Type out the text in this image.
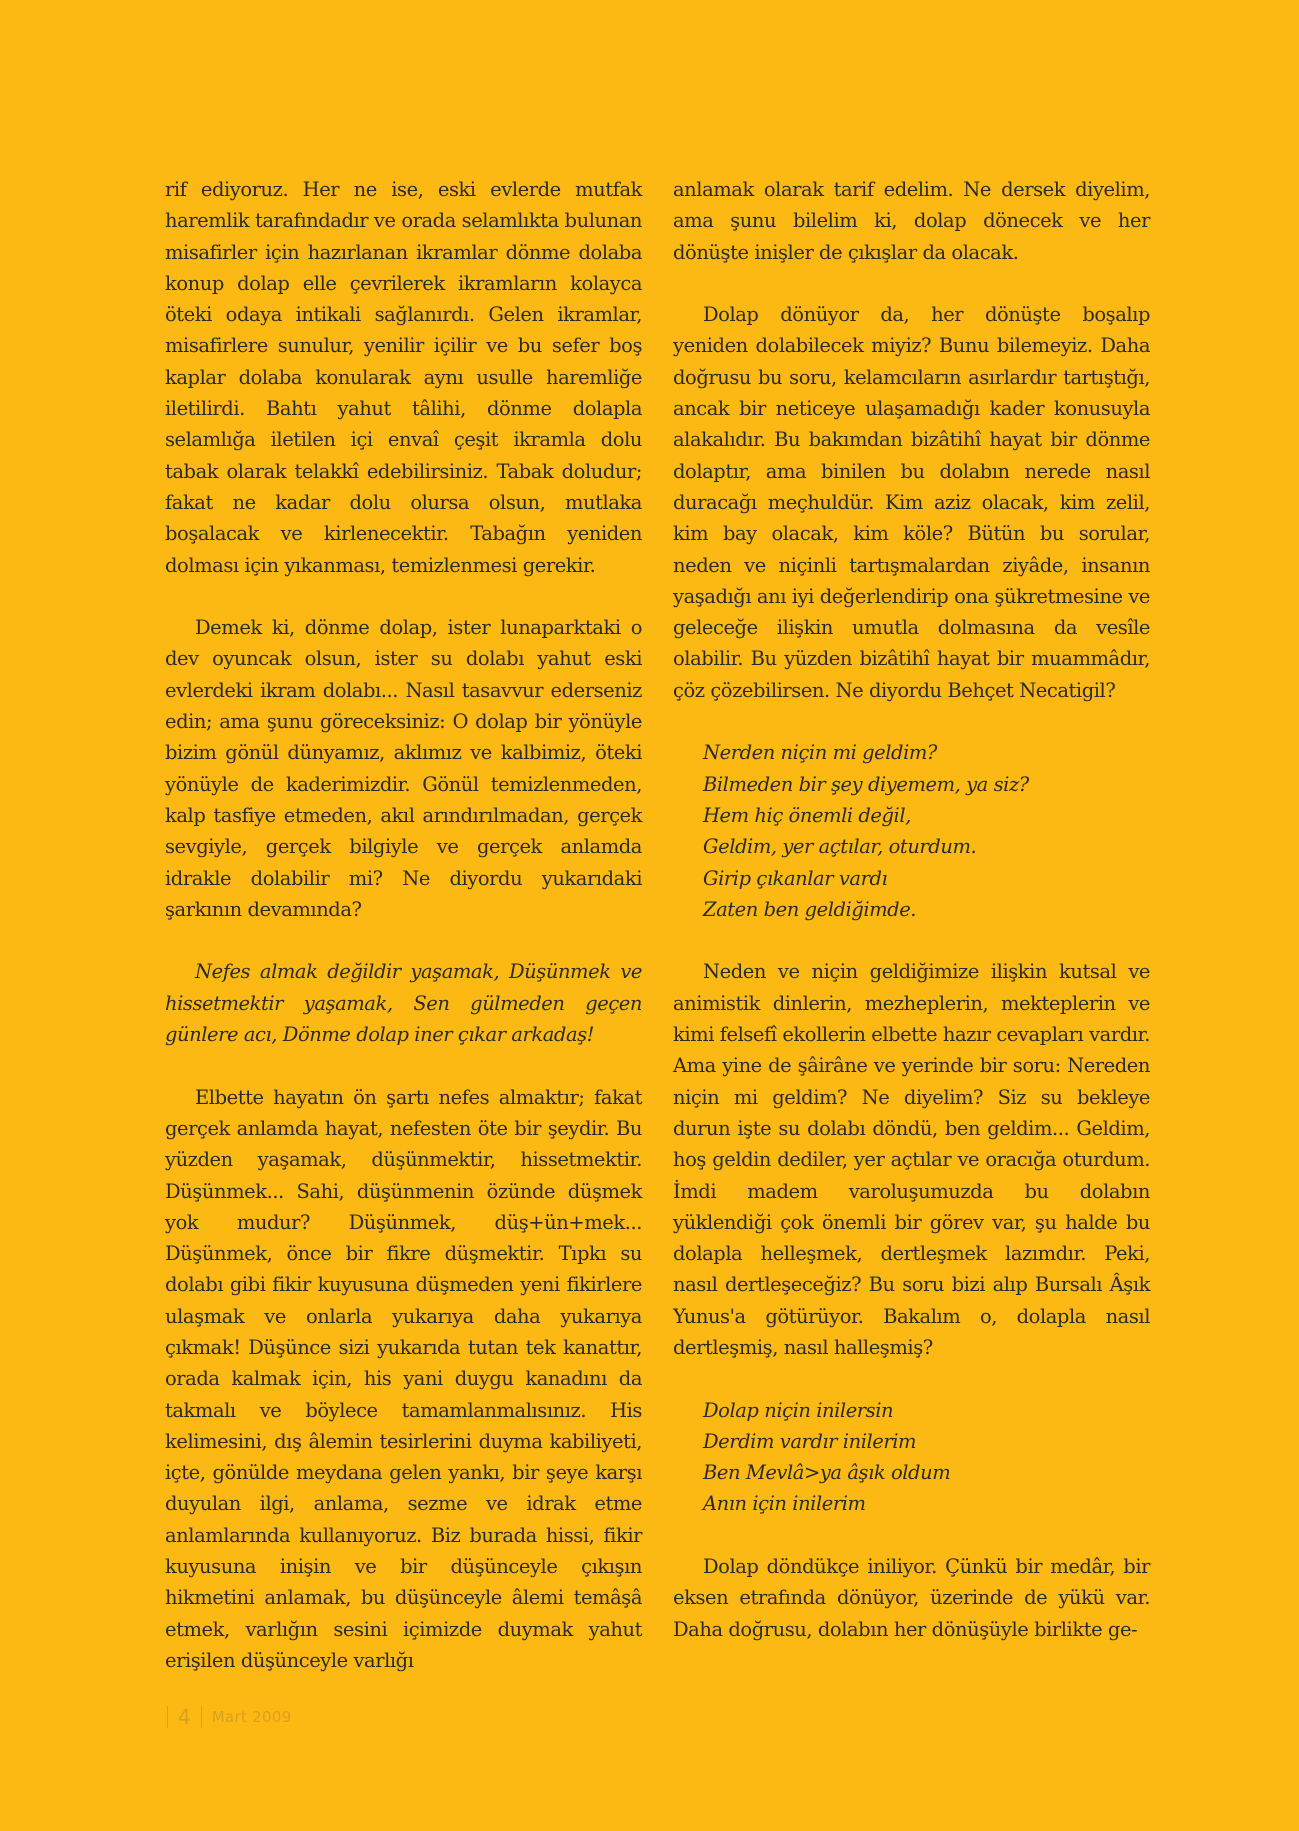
rif ediyoruz. Her ne ise, eski evlerde mutfak haremlik tarafındadır ve orada selamlıkta bulunan misafirler için hazırlanan ikramlar dönme dolaba konup dolap elle çevrilerek ikramların kolayca öteki odaya intikali sağlanırdı. Gelen ikramlar, misafirlere sunulur, yenilir içilir ve bu sefer boş kaplar dolaba konularak aynı usulle haremliğe iletilirdi. Bahtı yahut tâlihi, dönme dolapla selamlığa iletilen içi envaî çeşit ikramla dolu tabak olarak telakkî edebilirsiniz. Tabak doludur; fakat ne kadar dolu olursa olsun, mutlaka boşalacak ve kirlenecektir. Tabağın yeniden dolması için yıkanması, temizlenmesi gerekir.

Demek ki, dönme dolap, ister lunaparktaki o dev oyuncak olsun, ister su dolabı yahut eski evlerdeki ikram dolabı... Nasıl tasavvur ederseniz edin; ama şunu göreceksiniz: O dolap bir yönüyle bizim gönül dünyamız, aklımız ve kalbimiz, öteki yönüyle de kaderimizdir. Gönül temizlenmeden, kalp tasfiye etmeden, akıl arındırılmadan, gerçek sevgiyle, gerçek bilgiyle ve gerçek anlamda idrakle dolabilir mi? Ne diyordu yukarıdaki şarkının devamında?

Nefes almak değildir yaşamak, Düşünmek ve hissetmektir yaşamak, Sen gülmeden geçen günlere acı, Dönme dolap iner çıkar arkadaş!

Elbette hayatın ön şartı nefes almaktır; fakat gerçek anlamda hayat, nefesten öte bir şeydir. Bu yüzden yaşamak, düşünmektir, hissetmektir. Düşünmek... Sahi, düşünmenin özünde düşmek yok mudur? Düşünmek, düş+ün+mek... Düşünmek, önce bir fikre düşmektir. Tıpkı su dolabı gibi fikir kuyusuna düşmeden yeni fikirlere ulaşmak ve onlarla yukarıya daha yukarıya çıkmak! Düşünce sizi yukarıda tutan tek kanattır, orada kalmak için, his yani duygu kanadını da takmalı ve böylece tamamlanmalısınız. His kelimesini, dış âlemin tesirlerini duyma kabiliyeti, içte, gönülde meydana gelen yankı, bir şeye karşı duyulan ilgi, anlama, sezme ve idrak etme anlamlarında kullanıyoruz. Biz burada hissi, fikir kuyusuna inişin ve bir düşünceyle çıkışın hikmetini anlamak, bu düşünceyle âlemi temâşâ etmek, varlığın sesini içimizde duymak yahut erişilen düşünceyle varlığı

anlamak olarak tarif edelim. Ne dersek diyelim, ama şunu bilelim ki, dolap dönecek ve her dönüşte inişler de çıkışlar da olacak.

Dolap dönüyor da, her dönüşte boşalıp yeniden dolabilecek miyiz? Bunu bilemeyiz. Daha doğrusu bu soru, kelamcıların asırlardır tartıştığı, ancak bir neticeye ulaşamadığı kader konusuyla alakalıdır. Bu bakımdan bizâtihî hayat bir dönme dolaptır, ama binilen bu dolabın nerede nasıl duracağı meçhuldür. Kim aziz olacak, kim zelil, kim bay olacak, kim köle? Bütün bu sorular, neden ve niçinli tartışmalardan ziyâde, insanın yaşadığı anı iyi değerlendirip ona şükretmesine ve geleceğe ilişkin umutla dolmasına da vesîle olabilir. Bu yüzden bizâtihî hayat bir muammâdır, çöz çözebilirsen. Ne diyordu Behçet Necatigil?

Nerden niçin mi geldim?
Bilmeden bir şey diyemem, ya siz?
Hem hiç önemli değil,
Geldim, yer açtılar, oturdum.
Girip çıkanlar vardı
Zaten ben geldiğimde.

Neden ve niçin geldiğimize ilişkin kutsal ve animistik dinlerin, mezheplerin, mekteplerin ve kimi felsefî ekollerin elbette hazır cevapları vardır. Ama yine de şâirâne ve yerinde bir soru: Nereden niçin mi geldim? Ne diyelim? Siz su bekleye durun işte su dolabı döndü, ben geldim... Geldim, hoş geldin dediler, yer açtılar ve oracığa oturdum. İmdi madem varoluşumuzda bu dolabın yüklendiği çok önemli bir görev var, şu halde bu dolapla helleşmek, dertleşmek lazımdır. Peki, nasıl dertleşeceğiz? Bu soru bizi alıp Bursalı Âşık Yunus'a götürüyor. Bakalım o, dolapla nasıl dertleşmiş, nasıl halleşmiş?

Dolap niçin inilersin
Derdim vardır inilerim
Ben Mevlâ>ya âşık oldum
Anın için inilerim

Dolap döndükçe iniliyor. Çünkü bir medâr, bir eksen etrafında dönüyor, üzerinde de yükü var. Daha doğrusu, dolabın her dönüşüyle birlikte ge-

4 Mart 2009
